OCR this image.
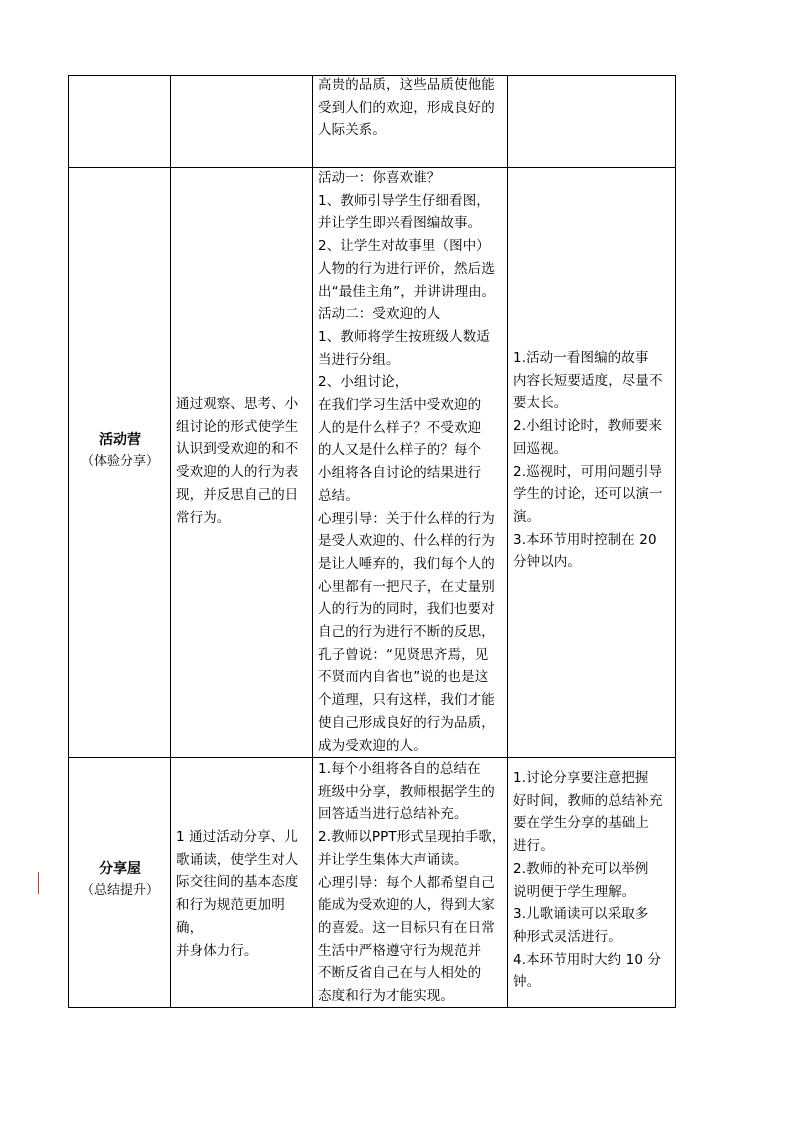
高贵的品质，这些品质使他能
受到人们的欢迎，形成良好的
人际关系。
活动营
（体验分享）
通过观察、思考、小
组讨论的形式使学生
认识到受欢迎的和不
受欢迎的人的行为表
现，并反思自己的日
常行为。
活动一：你喜欢谁？
1、教师引导学生仔细看图，
并让学生即兴看图编故事。
2、让学生对故事里（图中）
人物的行为进行评价，然后选
出“最佳主角”，并讲讲理由。
活动二：受欢迎的人
1、教师将学生按班级人数适
当进行分组。
2、小组讨论，
在我们学习生活中受欢迎的
人的是什么样子？不受欢迎
的人又是什么样子的？每个
小组将各自讨论的结果进行
总结。
心理引导：关于什么样的行为
是受人欢迎的、什么样的行为
是让人唾弃的，我们每个人的
心里都有一把尺子，在丈量别
人的行为的同时，我们也要对
自己的行为进行不断的反思，
孔子曾说：“见贤思齐焉，见
不贤而内自省也”说的也是这
个道理，只有这样，我们才能
使自己形成良好的行为品质，
成为受欢迎的人。
1.活动一看图编的故事
内容长短要适度，尽量不
要太长。
2.小组讨论时，教师要来
回巡视。
2.巡视时，可用问题引导
学生的讨论，还可以演一
演。
3.本环节用时控制在 20
分钟以内。
分享屋
（总结提升）
1 通过活动分享、儿
歌诵读，使学生对人
际交往间的基本态度
和行为规范更加明确，
并身体力行。
1.每个小组将各自的总结在
班级中分享，教师根据学生的
回答适当进行总结补充。
2.教师以PPT形式呈现拍手歌，
并让学生集体大声诵读。
心理引导：每个人都希望自己
能成为受欢迎的人，得到大家
的喜爱。这一目标只有在日常
生活中严格遵守行为规范并
不断反省自己在与人相处的
态度和行为才能实现。
1.讨论分享要注意把握
好时间，教师的总结补充
要在学生分享的基础上
进行。
2.教师的补充可以举例
说明便于学生理解。
3.儿歌诵读可以采取多
种形式灵活进行。
4.本环节用时大约 10 分
钟。
